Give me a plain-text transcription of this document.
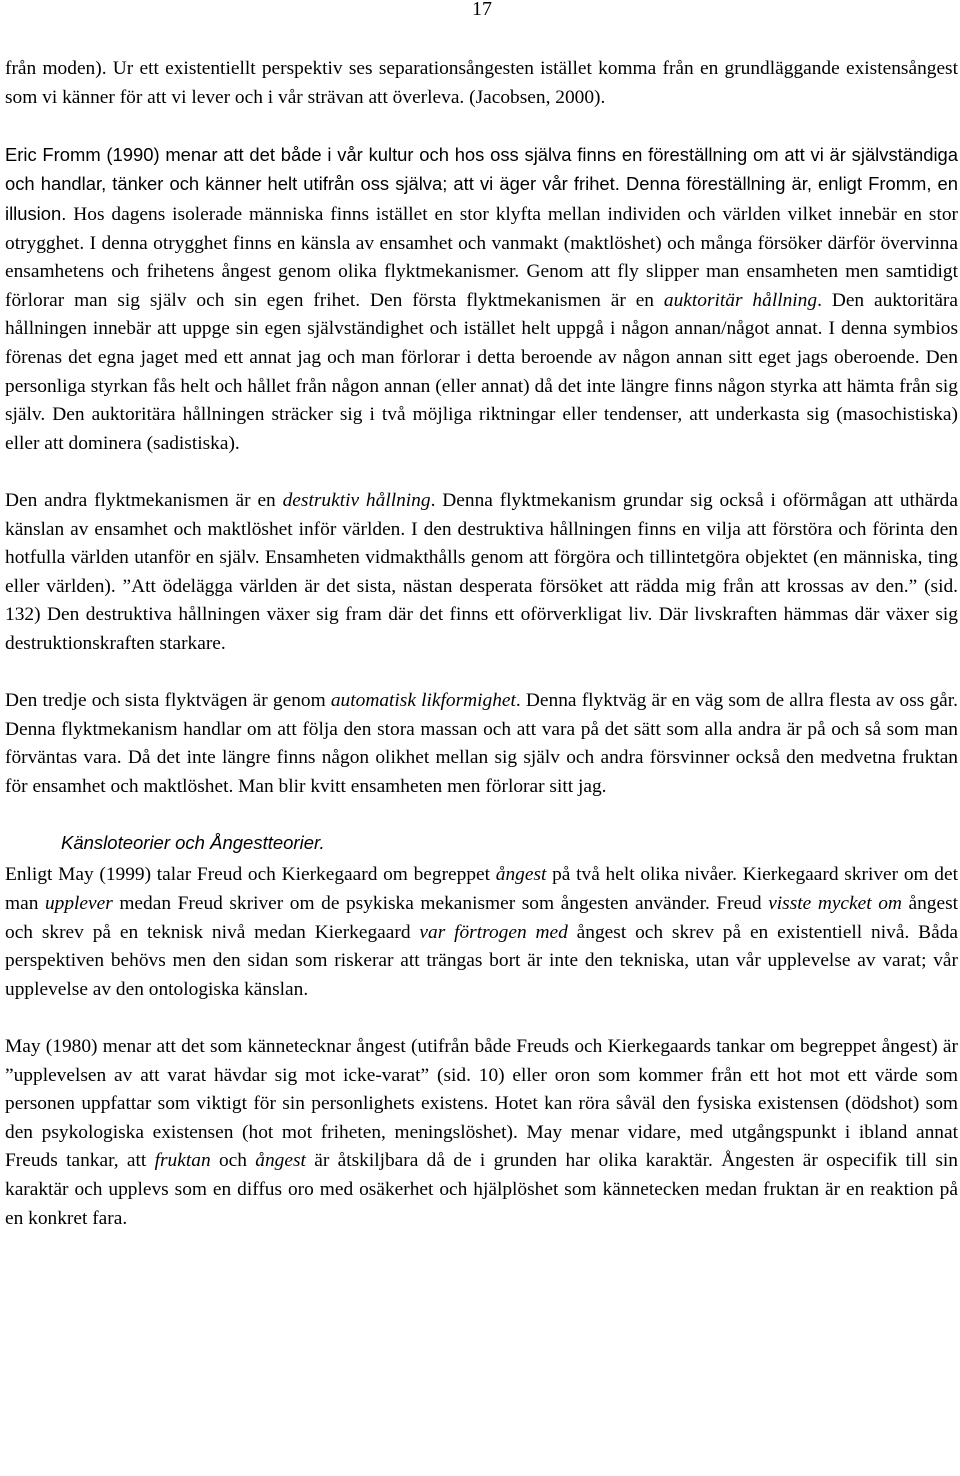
17

från moden). Ur ett existentiellt perspektiv ses separationsångesten istället komma från en grundläggande existensångest som vi känner för att vi lever och i vår strävan att överleva. (Jacobsen, 2000).

Eric Fromm (1990) menar att det både i vår kultur och hos oss själva finns en föreställning om att vi är självständiga och handlar, tänker och känner helt utifrån oss själva; att vi äger vår frihet. Denna föreställning är, enligt Fromm, en illusion. Hos dagens isolerade människa finns istället en stor klyfta mellan individen och världen vilket innebär en stor otrygghet. I denna otrygghet finns en känsla av ensamhet och vanmakt (maktlöshet) och många försöker därför övervinna ensamhetens och frihetens ångest genom olika flyktmekanismer. Genom att fly slipper man ensamheten men samtidigt förlorar man sig själv och sin egen frihet. Den första flyktmekanismen är en auktoritär hållning. Den auktoritära hållningen innebär att uppge sin egen självständighet och istället helt uppgå i någon annan/något annat. I denna symbios förenas det egna jaget med ett annat jag och man förlorar i detta beroende av någon annan sitt eget jags oberoende. Den personliga styrkan fås helt och hållet från någon annan (eller annat) då det inte längre finns någon styrka att hämta från sig själv. Den auktoritära hållningen sträcker sig i två möjliga riktningar eller tendenser, att underkasta sig (masochistiska) eller att dominera (sadistiska).

Den andra flyktmekanismen är en destruktiv hållning. Denna flyktmekanism grundar sig också i oförmågan att uthärda känslan av ensamhet och maktlöshet inför världen. I den destruktiva hållningen finns en vilja att förstöra och förinta den hotfulla världen utanför en själv. Ensamheten vidmakthålls genom att förgöra och tillintetgöra objektet (en människa, ting eller världen). ”Att ödelägga världen är det sista, nästan desperata försöket att rädda mig från att krossas av den.” (sid. 132) Den destruktiva hållningen växer sig fram där det finns ett oförverkligat liv. Där livskraften hämmas där växer sig destruktionskraften starkare.

Den tredje och sista flyktvägen är genom automatisk likformighet. Denna flyktväg är en väg som de allra flesta av oss går. Denna flyktmekanism handlar om att följa den stora massan och att vara på det sätt som alla andra är på och så som man förväntas vara. Då det inte längre finns någon olikhet mellan sig själv och andra försvinner också den medvetna fruktan för ensamhet och maktlöshet. Man blir kvitt ensamheten men förlorar sitt jag.

Känsloteorier och Ångestteorier.

Enligt May (1999) talar Freud och Kierkegaard om begreppet ångest på två helt olika nivåer. Kierkegaard skriver om det man upplever medan Freud skriver om de psykiska mekanismer som ångesten använder. Freud visste mycket om ångest och skrev på en teknisk nivå medan Kierkegaard var förtrogen med ångest och skrev på en existentiell nivå. Båda perspektiven behövs men den sidan som riskerar att trängas bort är inte den tekniska, utan vår upplevelse av varat; vår upplevelse av den ontologiska känslan.

May (1980) menar att det som kännetecknar ångest (utifrån både Freuds och Kierkegaards tankar om begreppet ångest) är ”upplevelsen av att varat hävdar sig mot icke-varat” (sid. 10) eller oron som kommer från ett hot mot ett värde som personen uppfattar som viktigt för sin personlighets existens. Hotet kan röra såväl den fysiska existensen (dödshot) som den psykologiska existensen (hot mot friheten, meningslöshet). May menar vidare, med utgångspunkt i ibland annat Freuds tankar, att fruktan och ångest är åtskiljbara då de i grunden har olika karaktär. Ångesten är ospecifik till sin karaktär och upplevs som en diffus oro med osäkerhet och hjälplöshet som kännetecken medan fruktan är en reaktion på en konkret fara.
